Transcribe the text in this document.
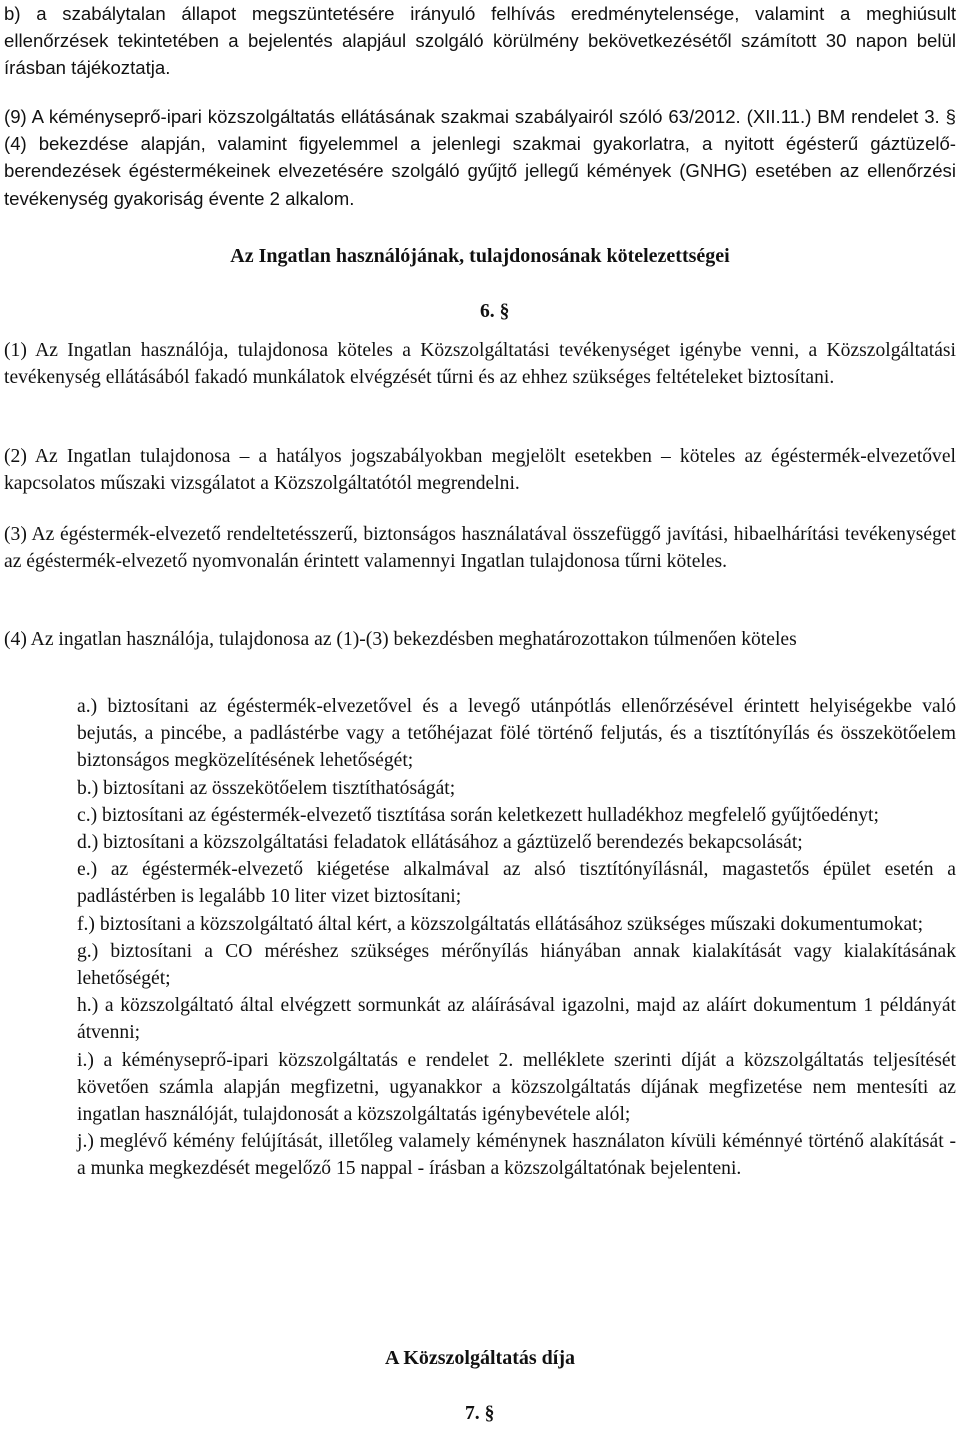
b) a szabálytalan állapot megszüntetésére irányuló felhívás eredménytelensége, valamint a meghiúsult ellenőrzések tekintetében a bejelentés alapjául szolgáló körülmény bekövetkezésétől számított 30 napon belül írásban tájékoztatja.

(9) A kéményseprő-ipari közszolgáltatás ellátásának szakmai szabályairól szóló 63/2012. (XII.11.) BM rendelet 3. § (4) bekezdése alapján, valamint figyelemmel a jelenlegi szakmai gyakorlatra, a nyitott égésterű gáztüzelő-berendezések égéstermékeinek elvezetésére szolgáló gyűjtő jellegű kémények (GNHG) esetében az ellenőrzési tevékenység gyakoriság évente 2 alkalom.

Az Ingatlan használójának, tulajdonosának kötelezettségei
6. §

(1) Az Ingatlan használója, tulajdonosa köteles a Közszolgáltatási tevékenységet igénybe venni, a Közszolgáltatási tevékenység ellátásából fakadó munkálatok elvégzését tűrni és az ehhez szükséges feltételeket biztosítani.

(2) Az Ingatlan tulajdonosa – a hatályos jogszabályokban megjelölt esetekben – köteles az égéstermék-elvezetővel kapcsolatos műszaki vizsgálatot a Közszolgáltatótól megrendelni.

(3) Az égéstermék-elvezető rendeltetésszerű, biztonságos használatával összefüggő javítási, hibaelhárítási tevékenységet az égéstermék-elvezető nyomvonalán érintett valamennyi Ingatlan tulajdonosa tűrni köteles.

(4) Az ingatlan használója, tulajdonosa az (1)-(3) bekezdésben meghatározottakon túlmenően köteles

a.) biztosítani az égéstermék-elvezetővel és a levegő utánpótlás ellenőrzésével érintett helyiségekbe való bejutás, a pincébe, a padlástérbe vagy a tetőhéjazat fölé történő feljutás, és a tisztítónyílás és összekötőelem biztonságos megközelítésének lehetőségét;
b.) biztosítani az összekötőelem tisztíthatóságát;
c.) biztosítani az égéstermék-elvezető tisztítása során keletkezett hulladékhoz megfelelő gyűjtőedényt;
d.) biztosítani a közszolgáltatási feladatok ellátásához a gáztüzelő berendezés bekapcsolását;
e.) az égéstermék-elvezető kiégetése alkalmával az alsó tisztítónyílásnál, magastetős épület esetén a padlástérben is legalább 10 liter vizet biztosítani;
f.) biztosítani a közszolgáltató által kért, a közszolgáltatás ellátásához szükséges műszaki dokumentumokat;
g.) biztosítani a CO méréshez szükséges mérőnyílás hiányában annak kialakítását vagy kialakításának lehetőségét;
h.) a közszolgáltató által elvégzett sormunkát az aláírásával igazolni, majd az aláírt dokumentum 1 példányát átvenni;
i.) a kéményseprő-ipari közszolgáltatás e rendelet 2. melléklete szerinti díját a közszolgáltatás teljesítését követően számla alapján megfizetni, ugyanakkor a közszolgáltatás díjának megfizetése nem mentesíti az ingatlan használóját, tulajdonosát a közszolgáltatás igénybevétele alól;
j.) meglévő kémény felújítását, illetőleg valamely kéménynek használaton kívüli kéménnyé történő alakítását - a munka megkezdését megelőző 15 nappal - írásban a közszolgáltatónak bejelenteni.
A Közszolgáltatás díja
7. §
